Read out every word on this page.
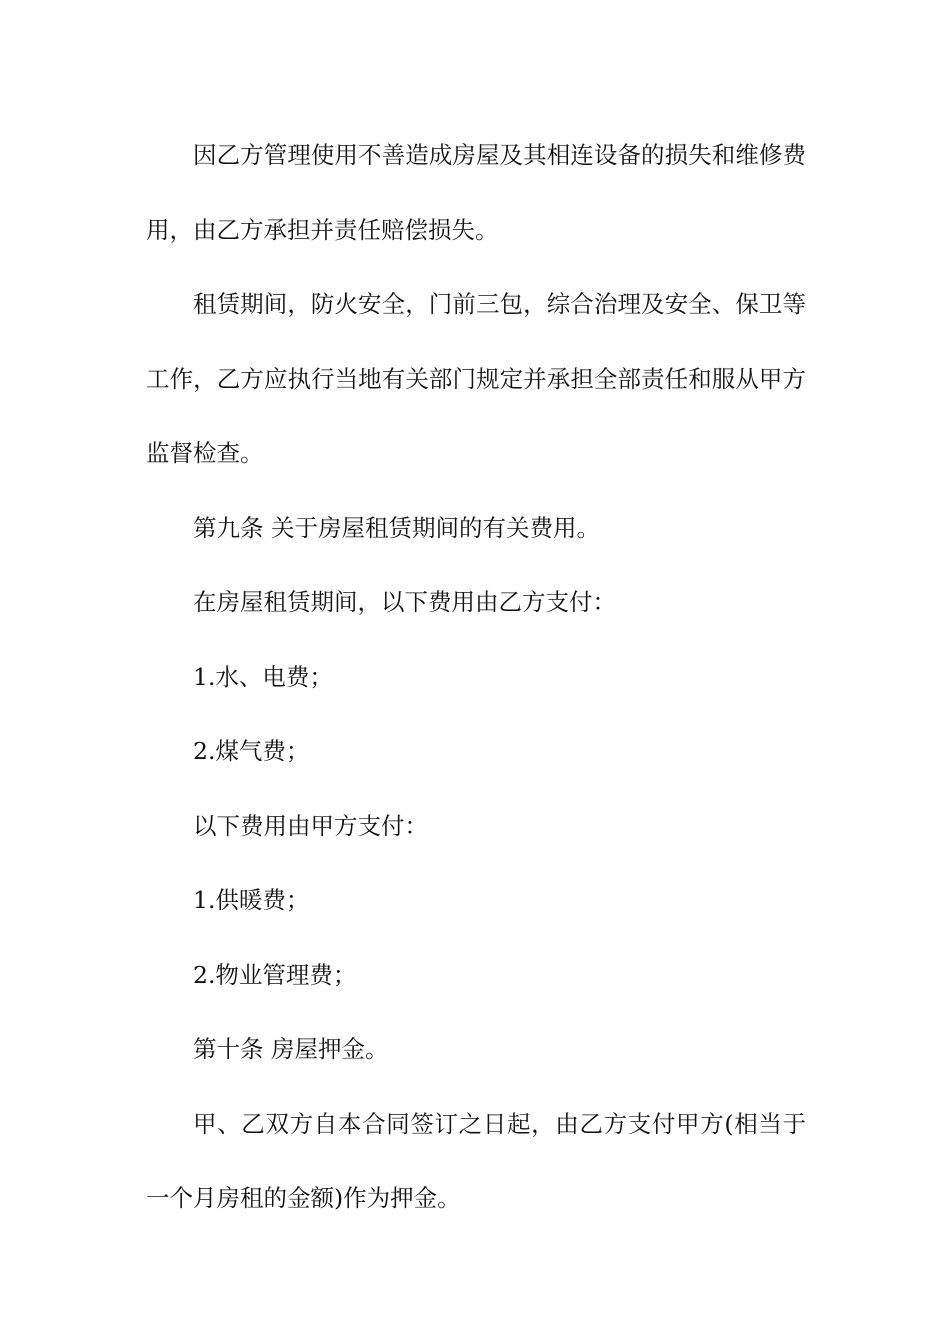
因乙方管理使用不善造成房屋及其相连设备的损失和维修费用，由乙方承担并责任赔偿损失。

租赁期间，防火安全，门前三包，综合治理及安全、保卫等工作，乙方应执行当地有关部门规定并承担全部责任和服从甲方监督检查。

第九条 关于房屋租赁期间的有关费用。

在房屋租赁期间，以下费用由乙方支付：

1.水、电费；

2.煤气费；

以下费用由甲方支付：

1.供暖费；

2.物业管理费；

第十条 房屋押金。

甲、乙双方自本合同签订之日起，由乙方支付甲方(相当于一个月房租的金额)作为押金。
